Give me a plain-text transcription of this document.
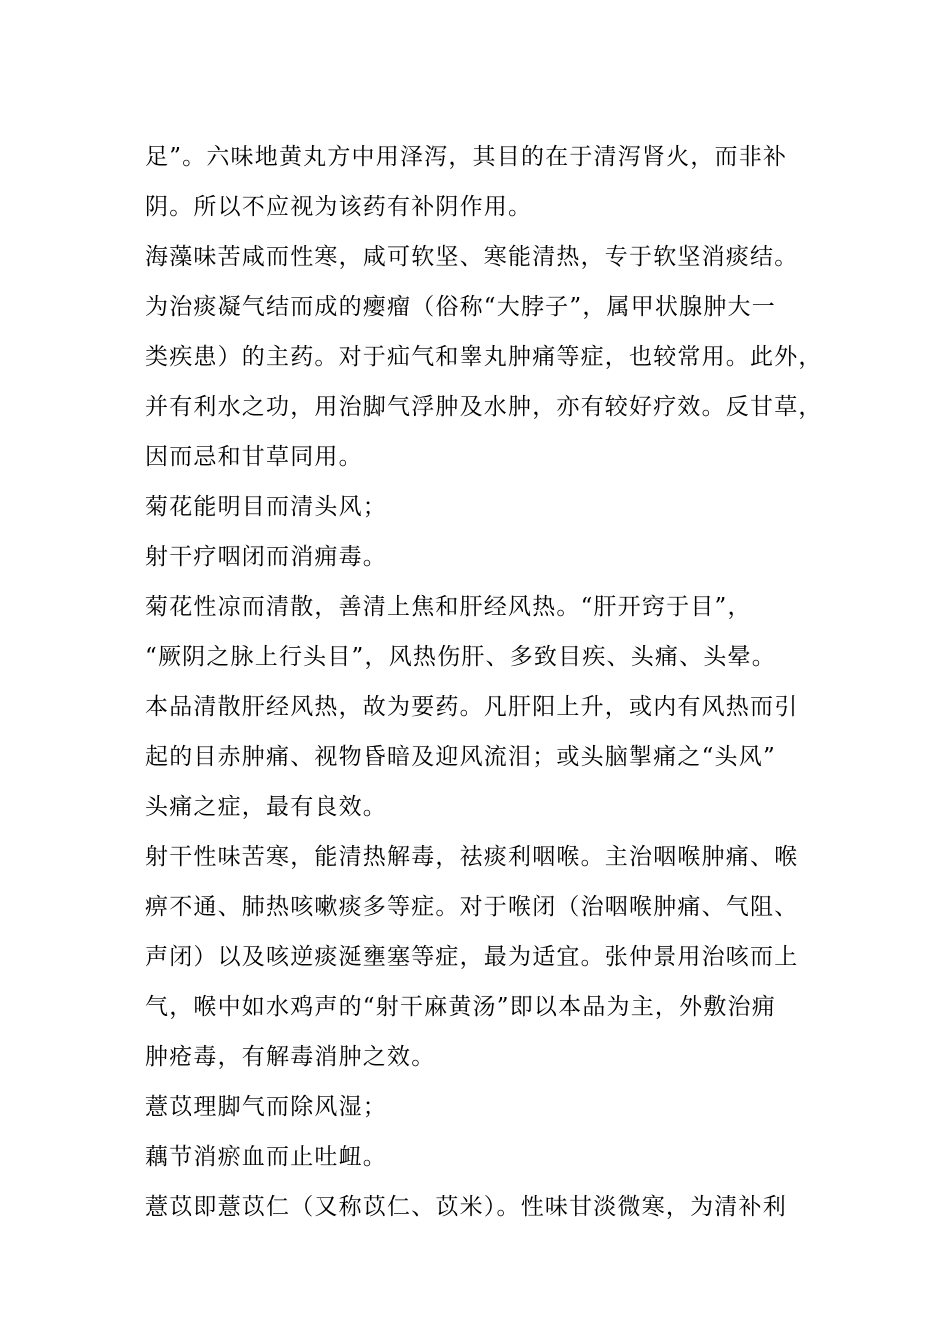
足”。六味地黄丸方中用泽泻，其目的在于清泻肾火，而非补
阴。所以不应视为该药有补阴作用。
海藻味苦咸而性寒，咸可软坚、寒能清热，专于软坚消痰结。
为治痰凝气结而成的瘿瘤（俗称“大脖子”，属甲状腺肿大一
类疾患）的主药。对于疝气和睾丸肿痛等症，也较常用。此外，
并有利水之功，用治脚气浮肿及水肿，亦有较好疗效。反甘草，
因而忌和甘草同用。
菊花能明目而清头风；
射干疗咽闭而消痈毒。
菊花性凉而清散，善清上焦和肝经风热。“肝开窍于目”，
“厥阴之脉上行头目”，风热伤肝、多致目疾、头痛、头晕。
本品清散肝经风热，故为要药。凡肝阳上升，或内有风热而引
起的目赤肿痛、视物昏暗及迎风流泪；或头脑掣痛之“头风”
头痛之症，最有良效。
射干性味苦寒，能清热解毒，祛痰利咽喉。主治咽喉肿痛、喉
痹不通、肺热咳嗽痰多等症。对于喉闭（治咽喉肿痛、气阻、
声闭）以及咳逆痰涎壅塞等症，最为适宜。张仲景用治咳而上
气，喉中如水鸡声的“射干麻黄汤”即以本品为主，外敷治痈
肿疮毒，有解毒消肿之效。
薏苡理脚气而除风湿；
藕节消瘀血而止吐衄。
薏苡即薏苡仁（又称苡仁、苡米）。性味甘淡微寒，为清补利
